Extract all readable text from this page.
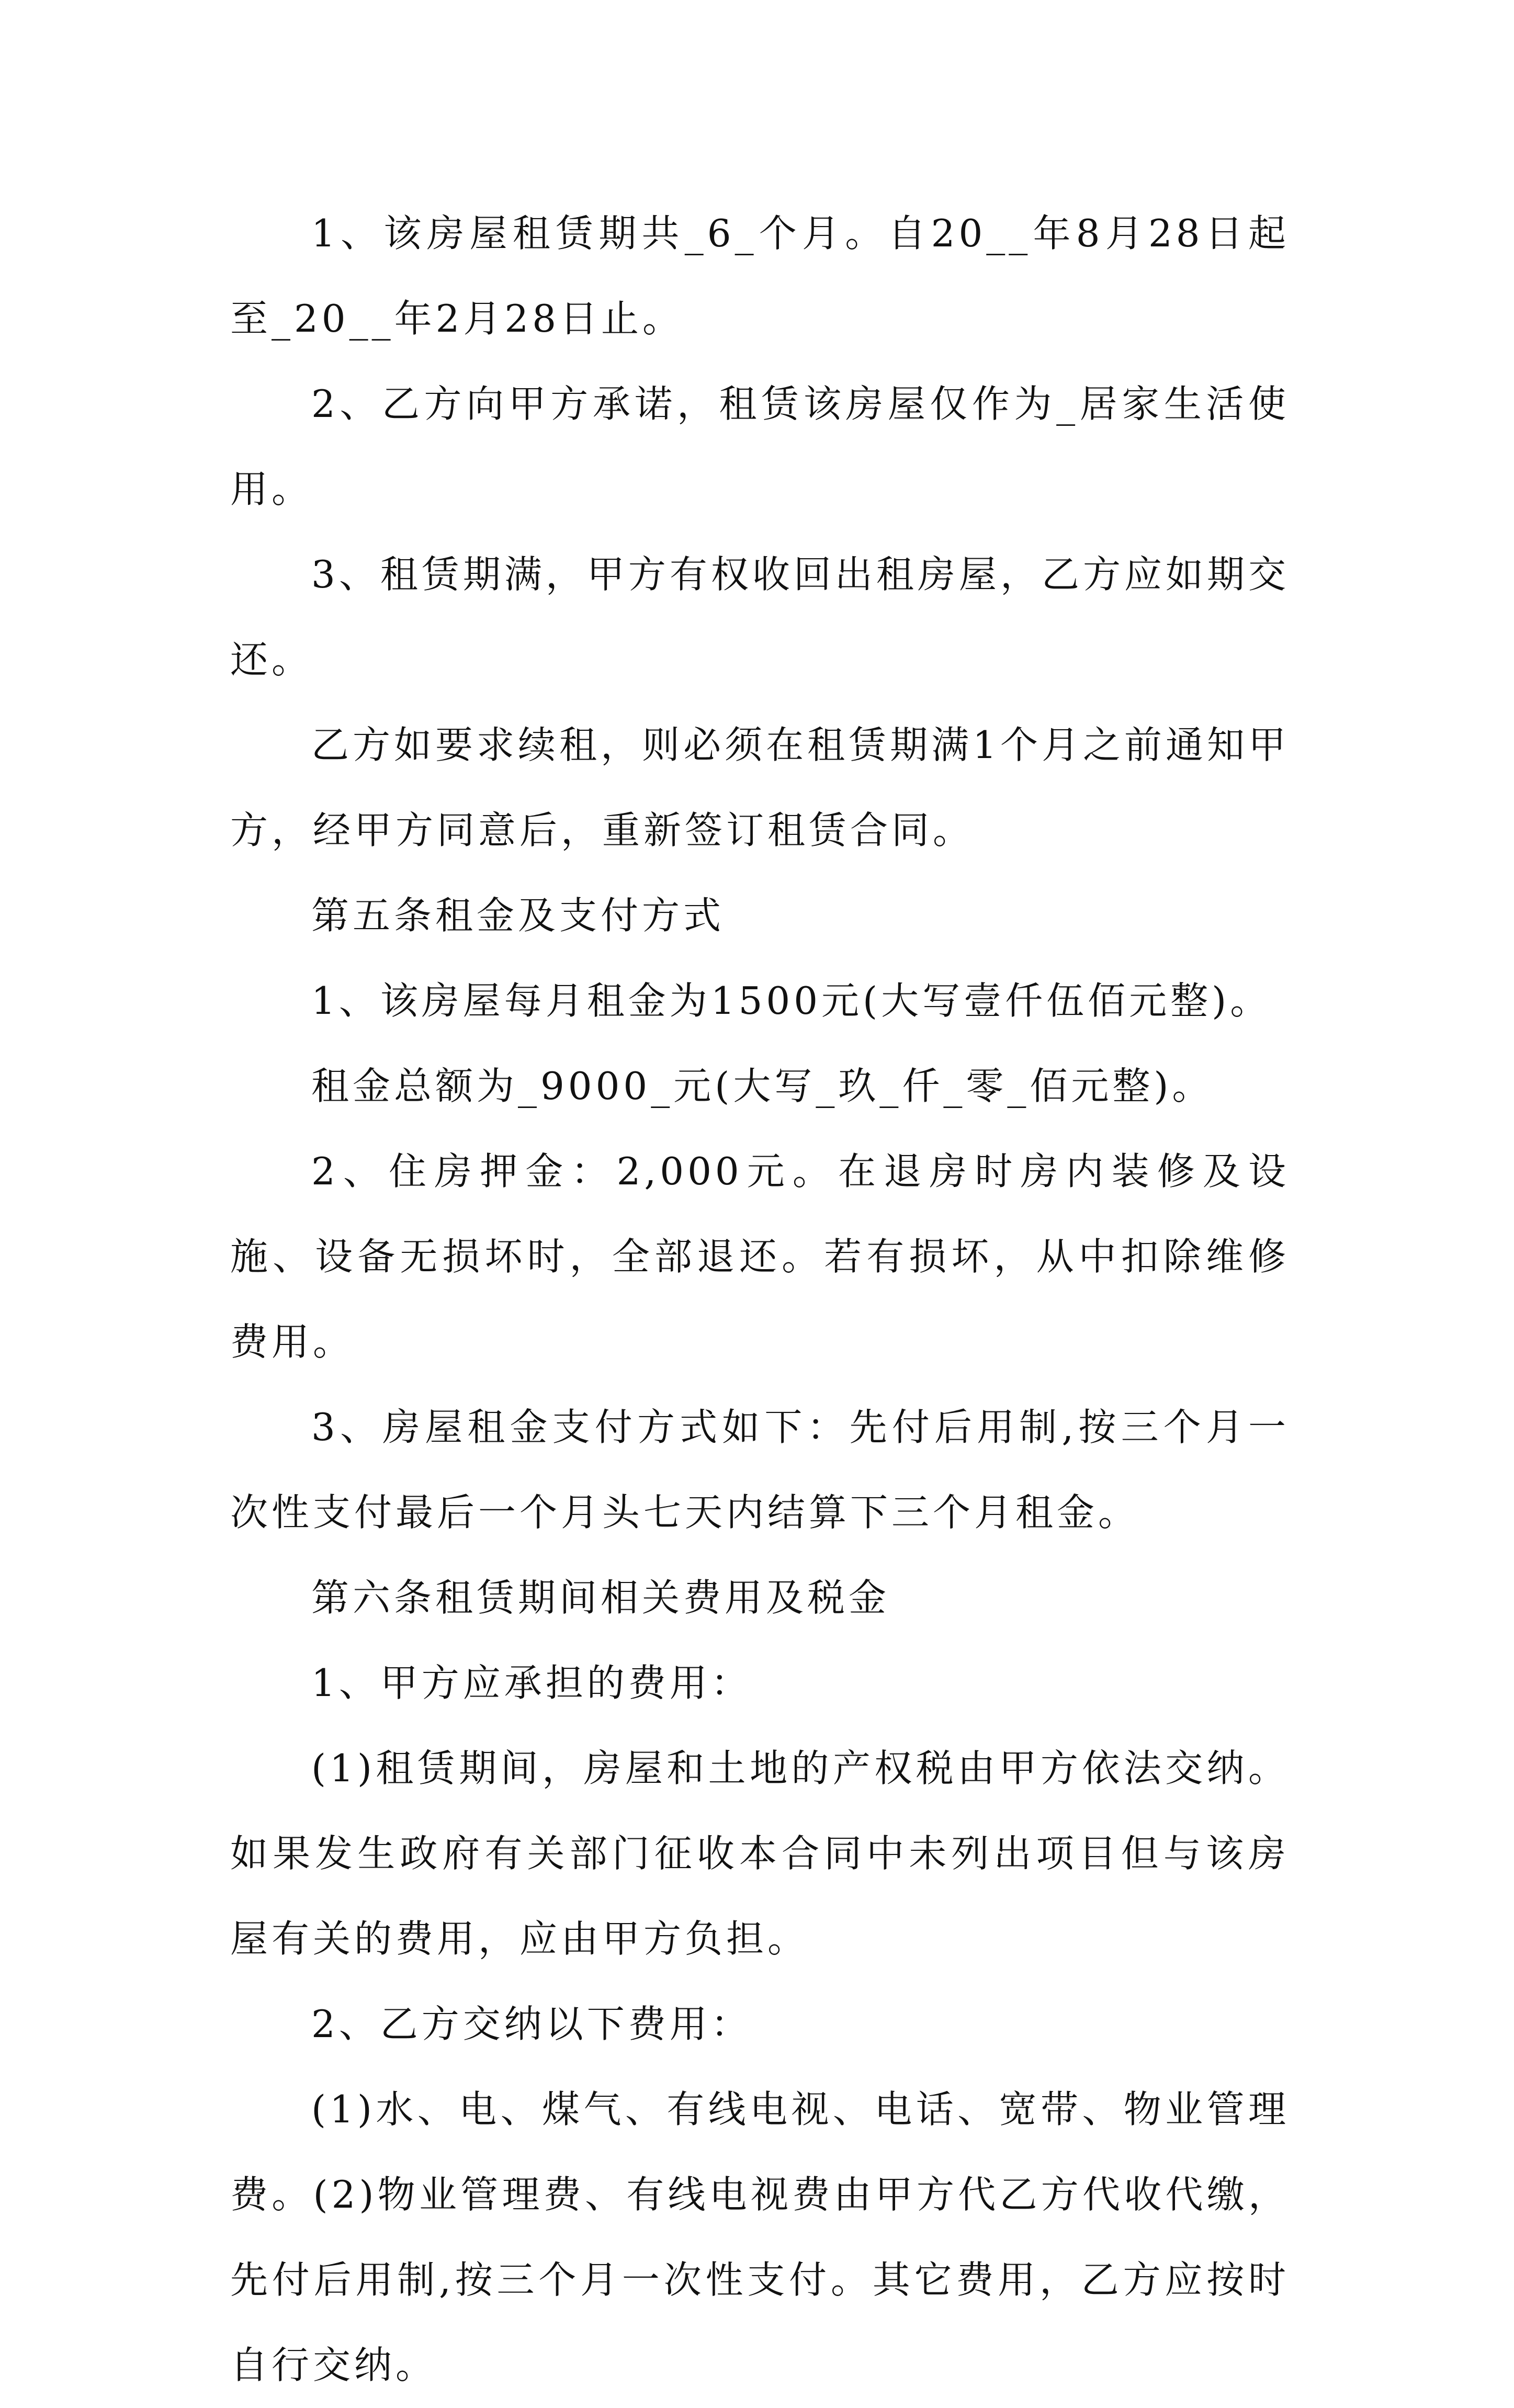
1、该房屋租赁期共_6_个月。自20__年8月28日起至_20__年2月28日止。

2、乙方向甲方承诺，租赁该房屋仅作为_居家生活使用。

3、租赁期满，甲方有权收回出租房屋，乙方应如期交还。

乙方如要求续租，则必须在租赁期满1个月之前通知甲方，经甲方同意后，重新签订租赁合同。

第五条租金及支付方式

1、该房屋每月租金为1500元(大写壹仟伍佰元整)。

租金总额为_9000_元(大写_玖_仟_零_佰元整)。

2、住房押金：2,000元。在退房时房内装修及设施、设备无损坏时，全部退还。若有损坏，从中扣除维修费用。

3、房屋租金支付方式如下：先付后用制,按三个月一次性支付最后一个月头七天内结算下三个月租金。

第六条租赁期间相关费用及税金

1、甲方应承担的费用：

(1)租赁期间，房屋和土地的产权税由甲方依法交纳。如果发生政府有关部门征收本合同中未列出项目但与该房屋有关的费用，应由甲方负担。

2、乙方交纳以下费用：

(1)水、电、煤气、有线电视、电话、宽带、物业管理费。(2)物业管理费、有线电视费由甲方代乙方代收代缴，先付后用制,按三个月一次性支付。其它费用，乙方应按时自行交纳。
